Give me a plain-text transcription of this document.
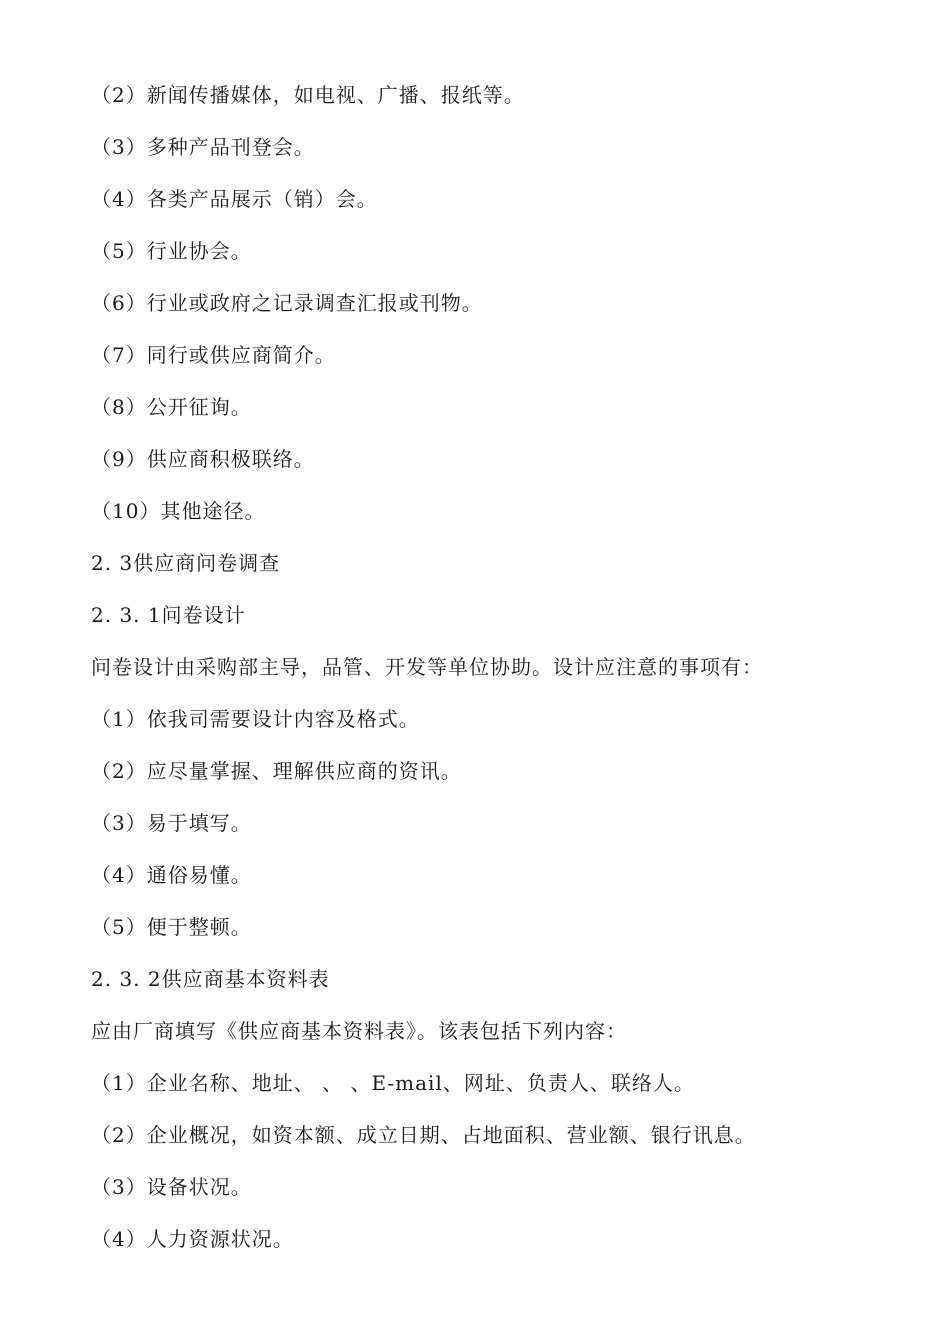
（2）新闻传播媒体，如电视、广播、报纸等。
（3）多种产品刊登会。
（4）各类产品展示（销）会。
（5）行业协会。
（6）行业或政府之记录调查汇报或刊物。
（7）同行或供应商简介。
（8）公开征询。
（9）供应商积极联络。
（10）其他途径。
2. 3供应商问卷调查
2. 3. 1问卷设计
问卷设计由采购部主导，品管、开发等单位协助。设计应注意的事项有：
（1）依我司需要设计内容及格式。
（2）应尽量掌握、理解供应商的资讯。
（3）易于填写。
（4）通俗易懂。
（5）便于整顿。
2. 3. 2供应商基本资料表
应由厂商填写《供应商基本资料表》。该表包括下列内容：
（1）企业名称、地址、 、 、E-mail、网址、负责人、联络人。
（2）企业概况，如资本额、成立日期、占地面积、营业额、银行讯息。
（3）设备状况。
（4）人力资源状况。
